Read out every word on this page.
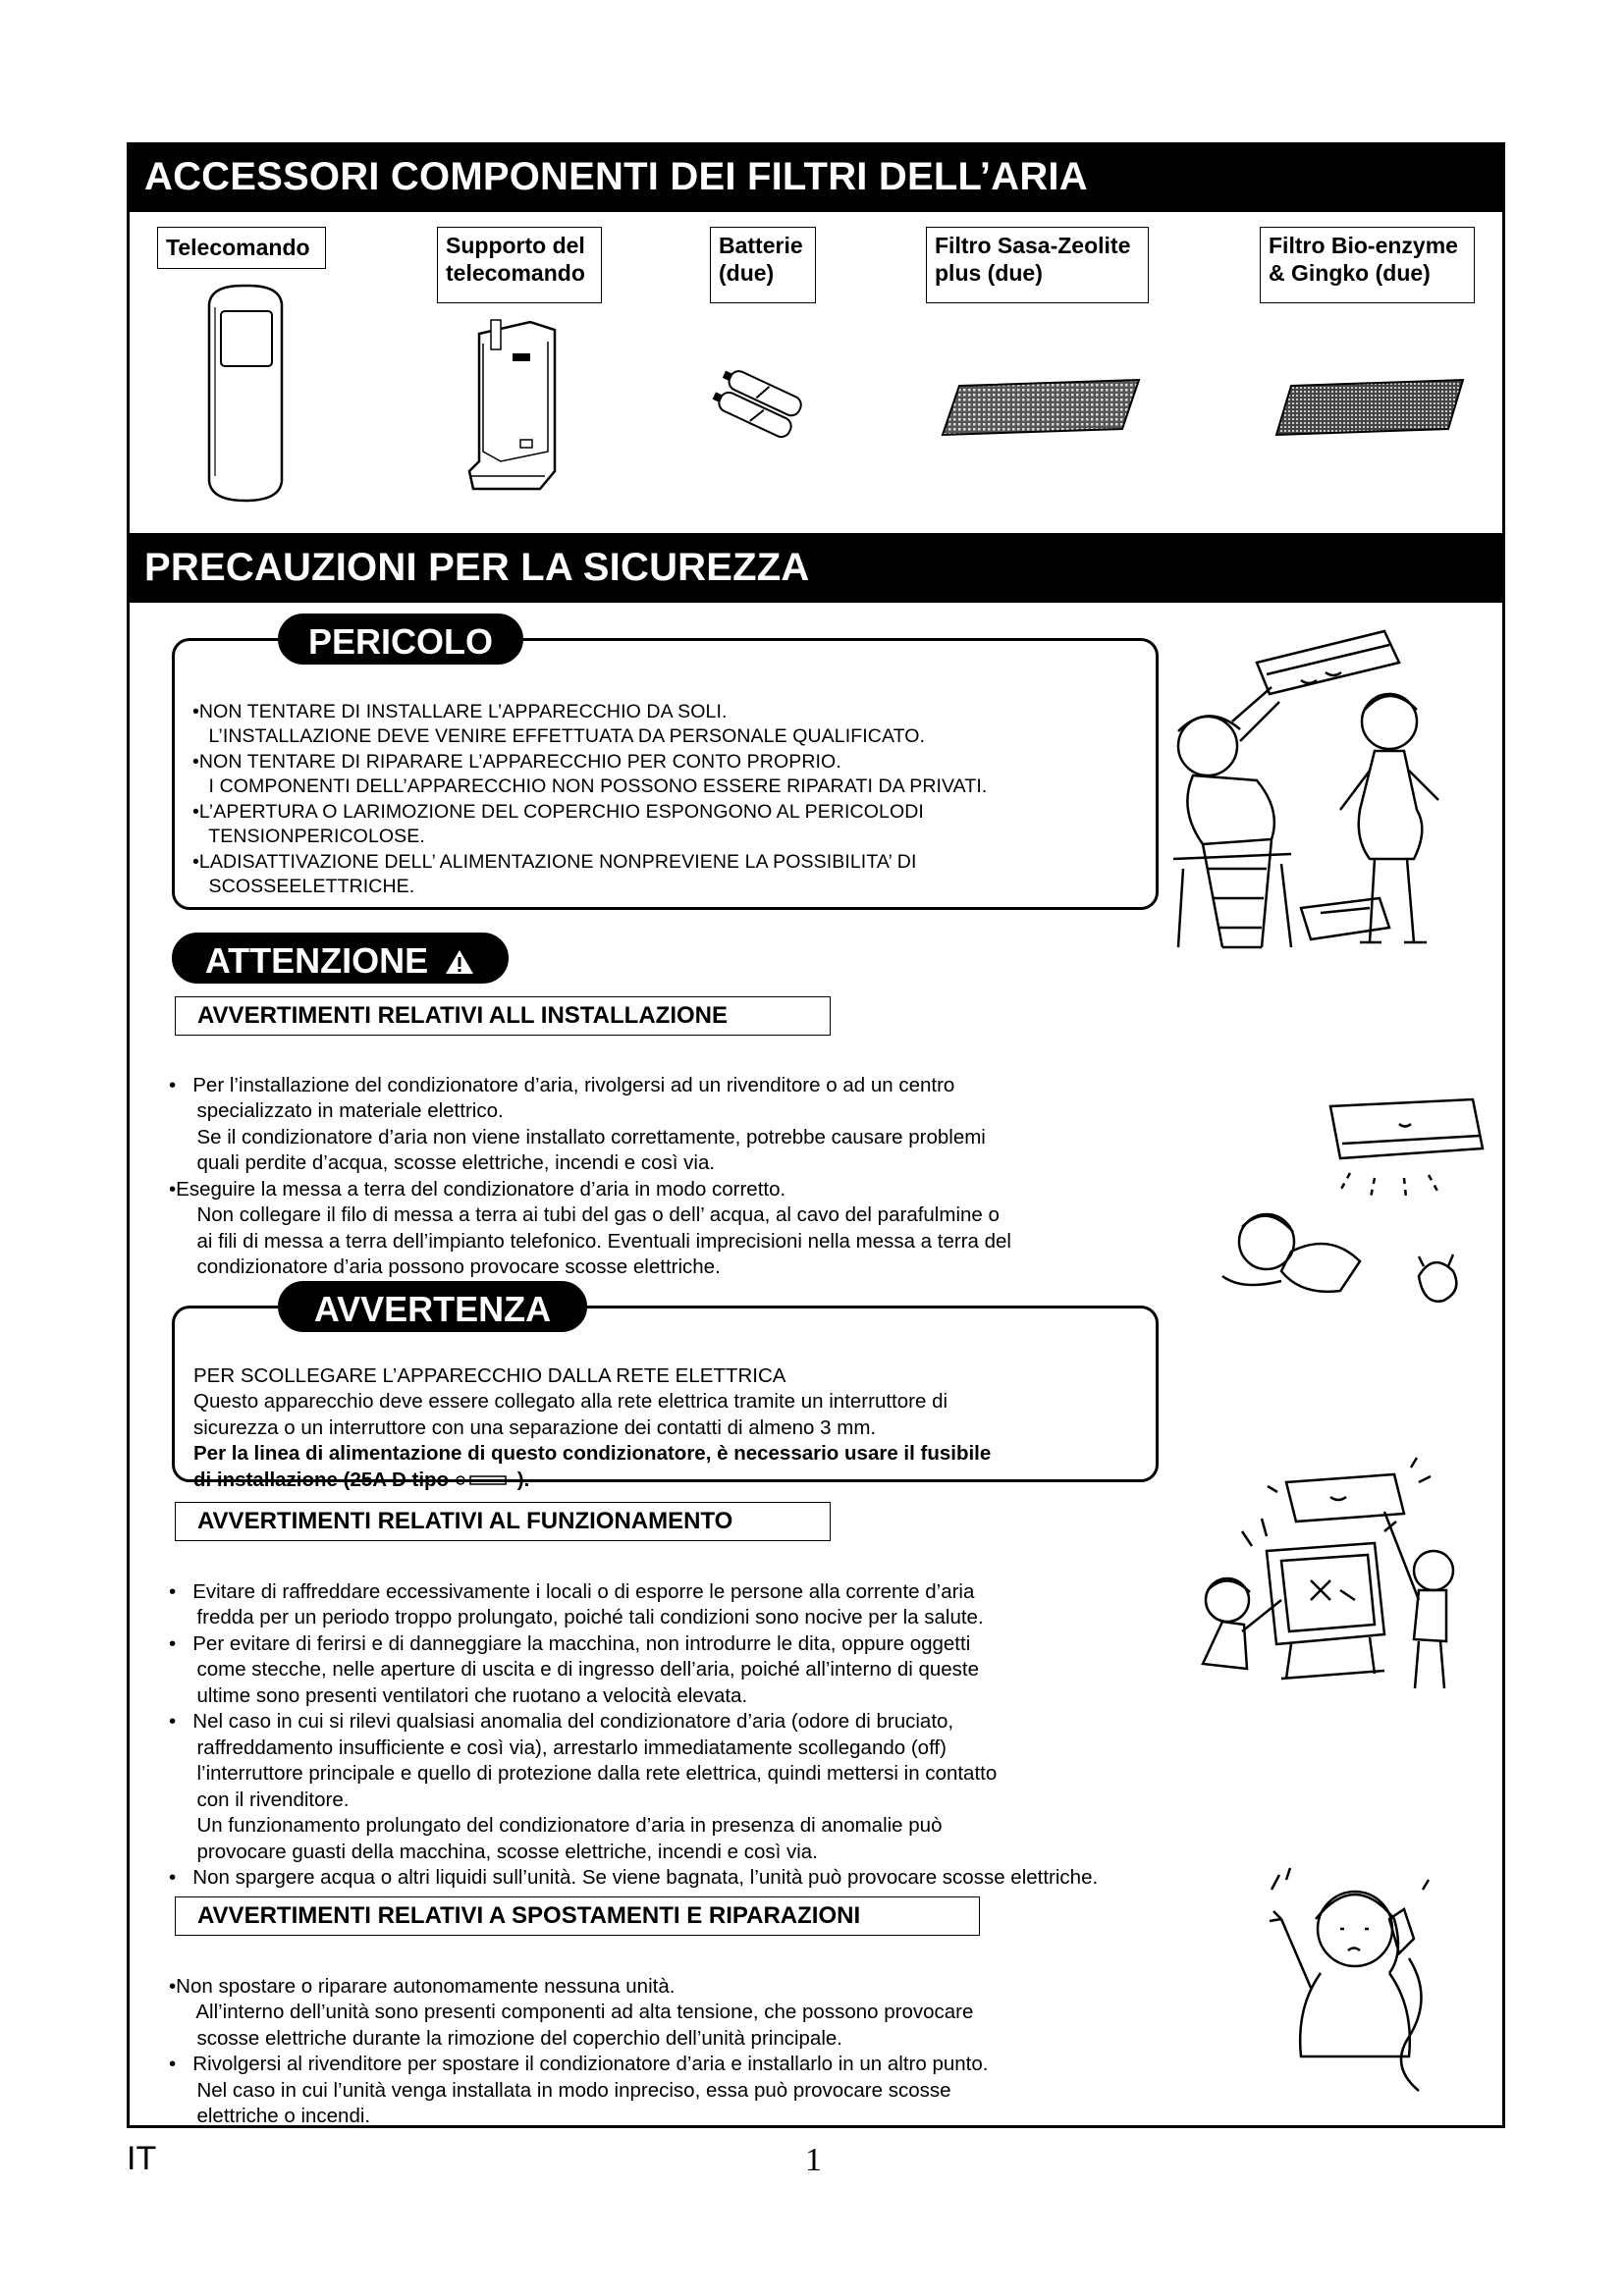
ACCESSORI COMPONENTI DEI FILTRI DELL’ARIA
Telecomando	Supporto del
telecomando
Batterie
(due)
Filtro Sasa-Zeolite
plus (due)
Filtro Bio-enzyme
& Gingko (due)
PRECAUZIONI PER LA SICUREZZA
PERICOLO

•NON TENTARE DI INSTALLARE L’APPARECCHIO DA SOLI.
L’INSTALLAZIONE DEVE VENIRE EFFETTUATA DA PERSONALE QUALIFICATO.
•NON TENTARE DI RIPARARE L’APPARECCHIO PER CONTO PROPRIO.
I COMPONENTI DELL’APPARECCHIO NON POSSONO ESSERE RIPARATI DA PRIVATI.
•L’APERTURA O LARIMOZIONE DEL COPERCHIO ESPONGONO AL PERICOLODI
TENSIONPERICOLOSE.
•LADISATTIVAZIONE DELL’ ALIMENTAZIONE NONPREVIENE LA POSSIBILITA’ DI
SCOSSEELETTRICHE.

ATTENZIONE
AVVERTIMENTI RELATIVI ALL INSTALLAZIONE

•   Per l’installazione del condizionatore d’aria, rivolgersi ad un rivenditore o ad un centro
specializzato in materiale elettrico.
Se il condizionatore d’aria non viene installato correttamente, potrebbe causare problemi
quali perdite d’acqua, scosse elettriche, incendi e così via.
•Eseguire la messa a terra del condizionatore d’aria in modo corretto.
Non collegare il filo di messa a terra ai tubi del gas o dell’ acqua, al cavo del parafulmine o
ai fili di messa a terra dell’impianto telefonico. Eventuali imprecisioni nella messa a terra del
condizionatore d’aria possono provocare scosse elettriche.

AVVERTENZA

PER SCOLLEGARE L’APPARECCHIO DALLA RETE ELETTRICA
Questo apparecchio deve essere collegato alla rete elettrica tramite un interruttore di
sicurezza o un interruttore con una separazione dei contatti di almeno 3 mm.
Per la linea di alimentazione di questo condizionatore, è necessario usare il fusibile
di installazione (25A D tipo	).

AVVERTIMENTI RELATIVI AL FUNZIONAMENTO

•   Evitare di raffreddare eccessivamente i locali o di esporre le persone alla corrente d’aria
fredda per un periodo troppo prolungato, poiché tali condizioni sono nocive per la salute.
•   Per evitare di ferirsi e di danneggiare la macchina, non introdurre le dita, oppure oggetti
come stecche, nelle aperture di uscita e di ingresso dell’aria, poiché all’interno di queste
ultime sono presenti ventilatori che ruotano a velocità elevata.
•   Nel caso in cui si rilevi qualsiasi anomalia del condizionatore d’aria (odore di bruciato,
raffreddamento insufficiente e così via), arrestarlo immediatamente scollegando (off)
l’interruttore principale e quello di protezione dalla rete elettrica, quindi mettersi in contatto
con il rivenditore.
Un funzionamento prolungato del condizionatore d’aria in presenza di anomalie può
provocare guasti della macchina, scosse elettriche, incendi e così via.
•   Non spargere acqua o altri liquidi sull’unità. Se viene bagnata, l’unità può provocare scosse elettriche.

AVVERTIMENTI RELATIVI A SPOSTAMENTI E RIPARAZIONI

•Non spostare o riparare autonomamente nessuna unità.
All’interno dell’unità sono presenti componenti ad alta tensione, che possono provocare
scosse elettriche durante la rimozione del coperchio dell’unità principale.
•   Rivolgersi al rivenditore per spostare il condizionatore d’aria e installarlo in un altro punto.
Nel caso in cui l’unità venga installata in modo inpreciso, essa può provocare scosse
elettriche o incendi.

IT	1
